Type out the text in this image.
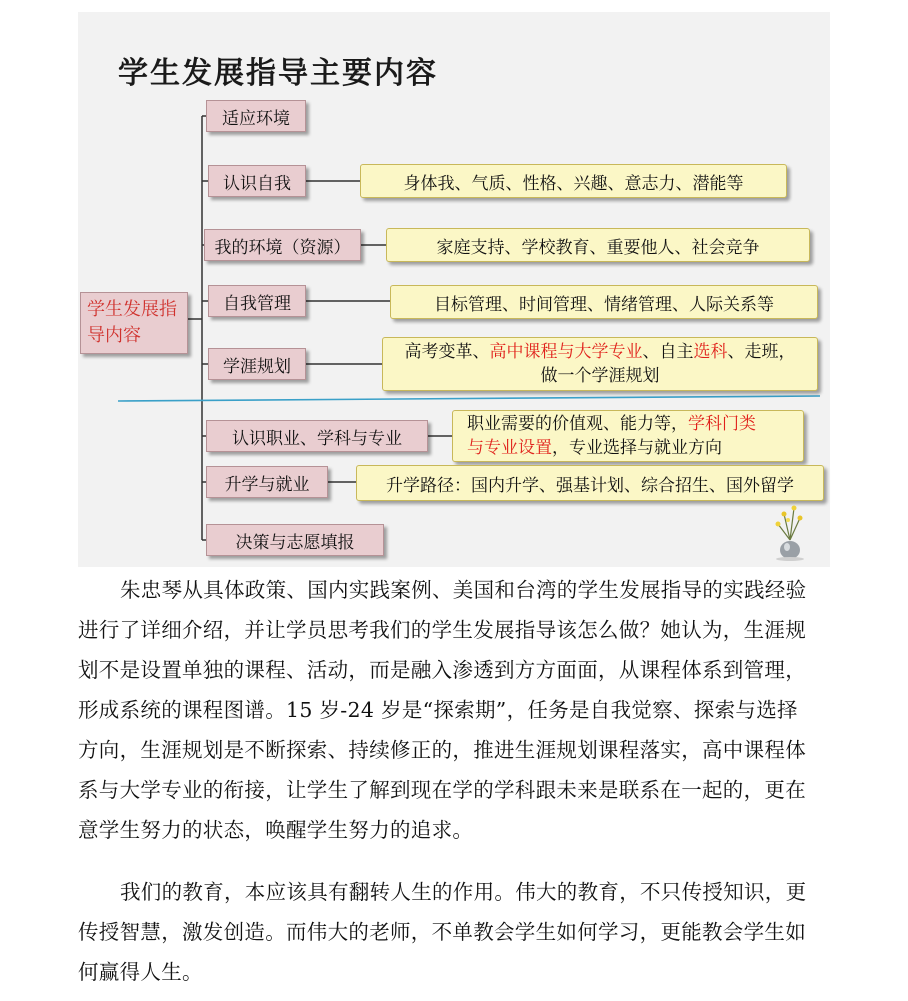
学生发展指导主要内容
学生发展指导内容
适应环境
认识自我
我的环境（资源）
自我管理
学涯规划
认识职业、学科与专业
升学与就业
决策与志愿填报
身体我、气质、性格、兴趣、意志力、潜能等
家庭支持、学校教育、重要他人、社会竞争
目标管理、时间管理、情绪管理、人际关系等
高考变革、高中课程与大学专业、自主选科、走班，
做一个学涯规划
职业需要的价值观、能力等，学科门类
与专业设置，专业选择与就业方向
升学路径：国内升学、强基计划、综合招生、国外留学
朱忠琴从具体政策、国内实践案例、美国和台湾的学生发展指导的实践经验
进行了详细介绍，并让学员思考我们的学生发展指导该怎么做？她认为，生涯规
划不是设置单独的课程、活动，而是融入渗透到方方面面，从课程体系到管理，
形成系统的课程图谱。15 岁-24 岁是“探索期”，任务是自我觉察、探索与选择
方向，生涯规划是不断探索、持续修正的，推进生涯规划课程落实，高中课程体
系与大学专业的衔接，让学生了解到现在学的学科跟未来是联系在一起的，更在
意学生努力的状态，唤醒学生努力的追求。
我们的教育，本应该具有翻转人生的作用。伟大的教育，不只传授知识，更
传授智慧，激发创造。而伟大的老师，不单教会学生如何学习，更能教会学生如
何赢得人生。
